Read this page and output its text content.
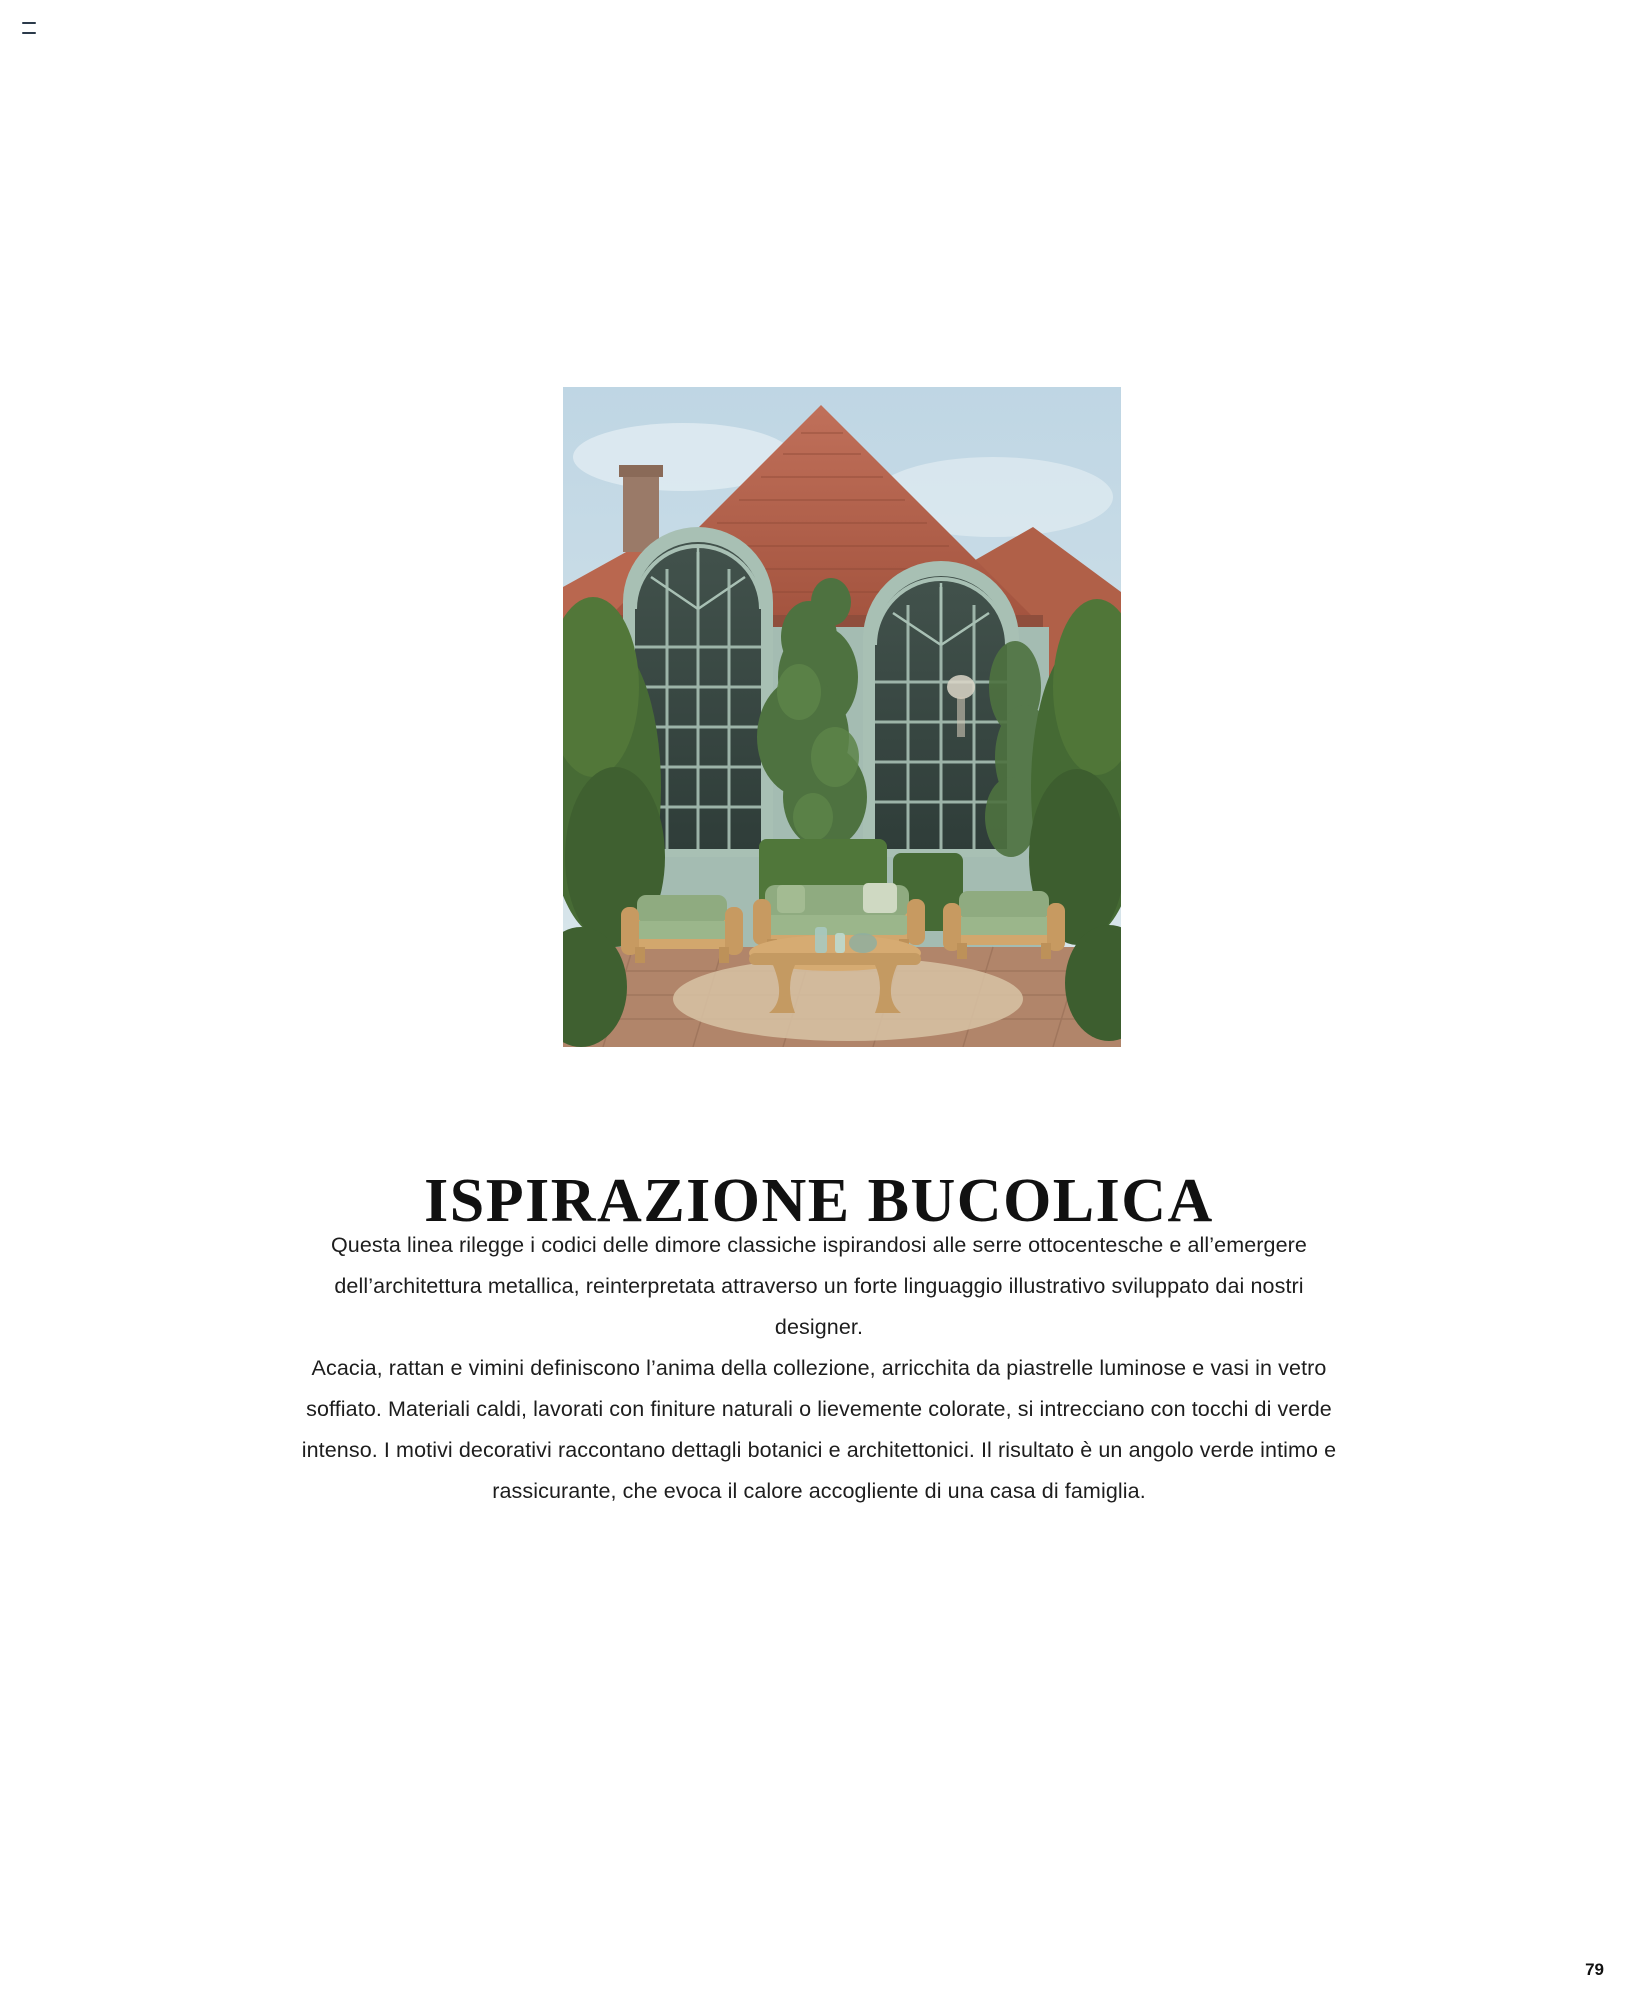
ISPIRAZIONE BUCOLICA

Questa linea rilegge i codici delle dimore classiche ispirandosi alle serre ottocentesche e all’emergere dell’architettura metallica, reinterpretata attraverso un forte linguaggio illustrativo sviluppato dai nostri designer.

Acacia, rattan e vimini definiscono l’anima della collezione, arricchita da piastrelle luminose e vasi in vetro soffiato. Materiali caldi, lavorati con finiture naturali o lievemente colorate, si intrecciano con tocchi di verde intenso. I motivi decorativi raccontano dettagli botanici e architettonici. Il risultato è un angolo verde intimo e rassicurante, che evoca il calore accogliente di una casa di famiglia.

79
